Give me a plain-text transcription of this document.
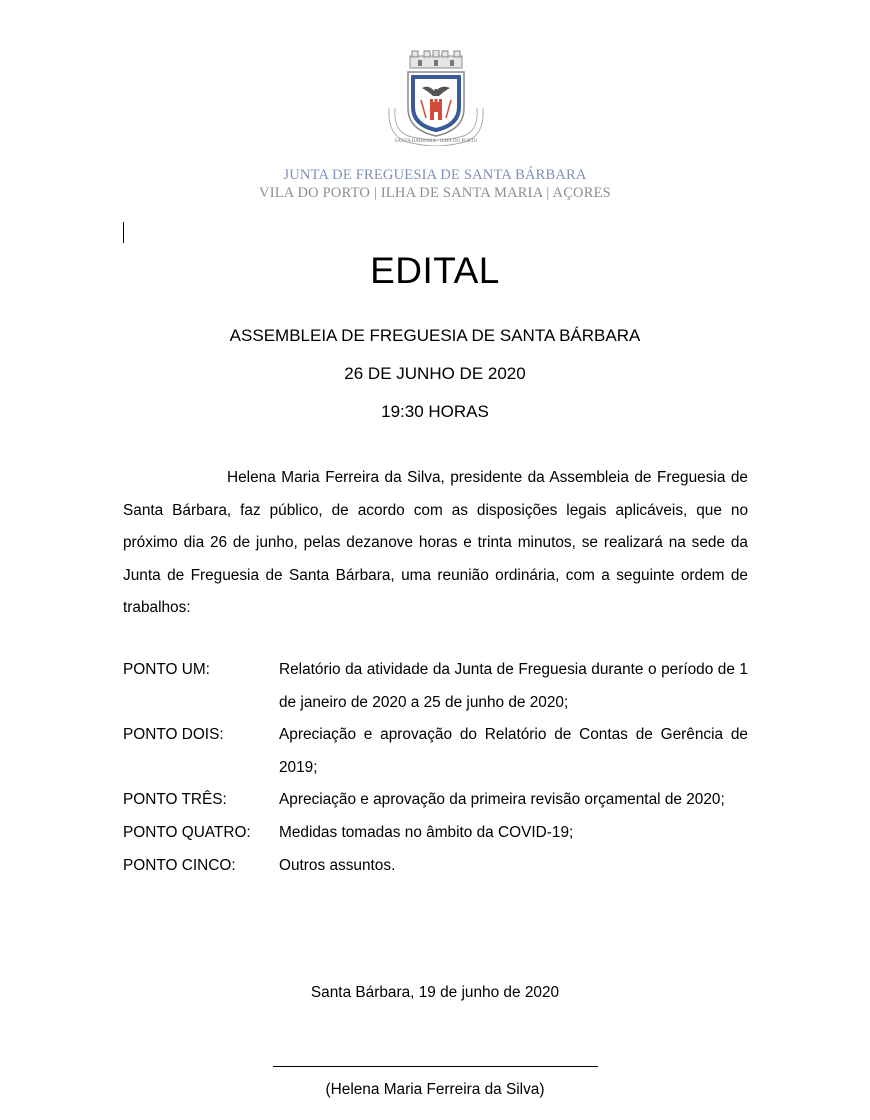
SANTA BÁRBARA · ILHA DO PORTO
JUNTA DE FREGUESIA DE SANTA BÁRBARA
VILA DO PORTO | ILHA DE SANTA MARIA | AÇORES
EDITAL
ASSEMBLEIA DE FREGUESIA DE SANTA BÁRBARA
26 DE JUNHO DE 2020
19:30 HORAS

Helena Maria Ferreira da Silva, presidente da Assembleia de Freguesia de Santa Bárbara, faz público, de acordo com as disposições legais aplicáveis, que no próximo dia 26 de junho, pelas dezanove horas e trinta minutos, se realizará na sede da Junta de Freguesia de Santa Bárbara, uma reunião ordinária, com a seguinte ordem de trabalhos:

PONTO UM:	Relatório da atividade da Junta de Freguesia durante o período de 1 de janeiro de 2020 a 25 de junho de 2020;
PONTO DOIS:	Apreciação e aprovação do Relatório de Contas de Gerência de 2019;
PONTO TRÊS:	Apreciação e aprovação da primeira revisão orçamental de 2020;
PONTO QUATRO:	Medidas tomadas no âmbito da COVID-19;
PONTO CINCO:	Outros assuntos.
Santa Bárbara, 19 de junho de 2020
(Helena Maria Ferreira da Silva)
